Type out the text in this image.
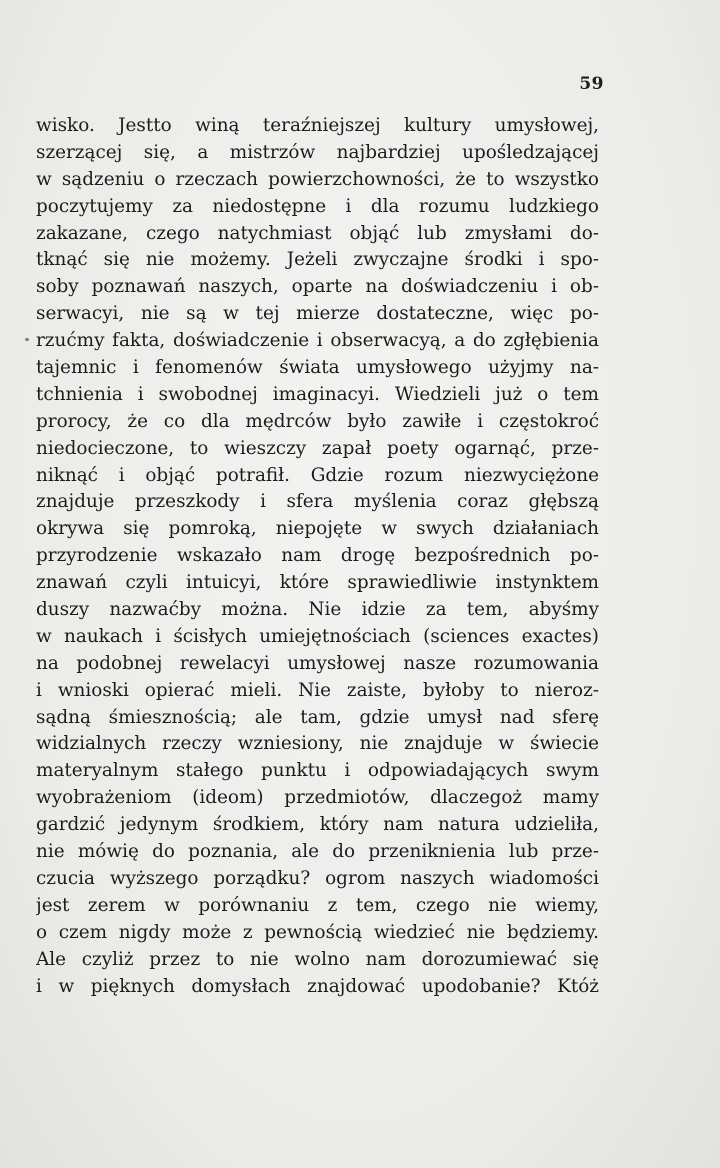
59
wisko. Jestto winą teraźniejszej kultury umysłowej,
szerzącej się, a mistrzów najbardziej upośledzającej
w sądzeniu o rzeczach powierzchowności, że to wszystko
poczytujemy za niedostępne i dla rozumu ludzkiego
zakazane, czego natychmiast objąć lub zmysłami do-
tknąć się nie możemy. Jeżeli zwyczajne środki i spo-
soby poznawań naszych, oparte na doświadczeniu i ob-
serwacyi, nie są w tej mierze dostateczne, więc po-
rzućmy fakta, doświadczenie i obserwacyą, a do zgłębienia
tajemnic i fenomenów świata umysłowego użyjmy na-
tchnienia i swobodnej imaginacyi. Wiedzieli już o tem
prorocy, że co dla mędrców było zawiłe i częstokroć
niedocieczone, to wieszczy zapał poety ogarnąć, prze-
niknąć i objąć potrafił. Gdzie rozum niezwyciężone
znajduje przeszkody i sfera myślenia coraz głębszą
okrywa się pomroką, niepojęte w swych działaniach
przyrodzenie wskazało nam drogę bezpośrednich po-
znawań czyli intuicyi, które sprawiedliwie instynktem
duszy nazwaćby można. Nie idzie za tem, abyśmy
w naukach i ścisłych umiejętnościach (sciences exactes)
na podobnej rewelacyi umysłowej nasze rozumowania
i wnioski opierać mieli. Nie zaiste, byłoby to nieroz-
sądną śmiesznością; ale tam, gdzie umysł nad sferę
widzialnych rzeczy wzniesiony, nie znajduje w świecie
materyalnym stałego punktu i odpowiadających swym
wyobrażeniom (ideom) przedmiotów, dlaczegoż mamy
gardzić jedynym środkiem, który nam natura udzieliła,
nie mówię do poznania, ale do przeniknienia lub prze-
czucia wyższego porządku? ogrom naszych wiadomości
jest zerem w porównaniu z tem, czego nie wiemy,
o czem nigdy może z pewnością wiedzieć nie będziemy.
Ale czyliż przez to nie wolno nam dorozumiewać się
i w pięknych domysłach znajdować upodobanie? Któż
